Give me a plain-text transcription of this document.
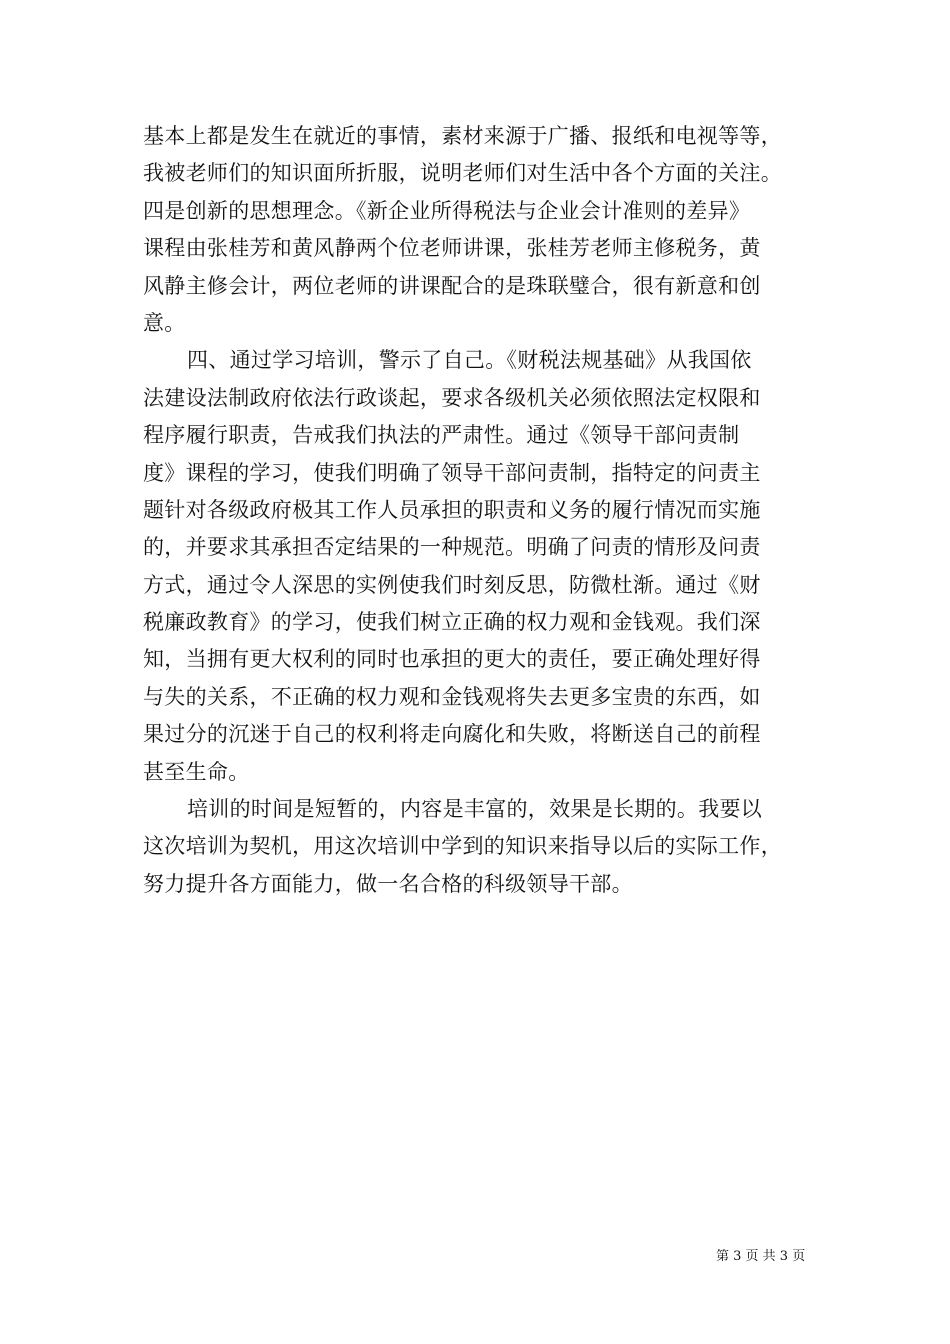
基本上都是发生在就近的事情，素材来源于广播、报纸和电视等等，
我被老师们的知识面所折服，说明老师们对生活中各个方面的关注。
四是创新的思想理念。《新企业所得税法与企业会计准则的差异》
课程由张桂芳和黄风静两个位老师讲课，张桂芳老师主修税务，黄
风静主修会计，两位老师的讲课配合的是珠联璧合，很有新意和创
意。
四、通过学习培训，警示了自己。《财税法规基础》从我国依
法建设法制政府依法行政谈起，要求各级机关必须依照法定权限和
程序履行职责，告戒我们执法的严肃性。通过《领导干部问责制
度》课程的学习，使我们明确了领导干部问责制，指特定的问责主
题针对各级政府极其工作人员承担的职责和义务的履行情况而实施
的，并要求其承担否定结果的一种规范。明确了问责的情形及问责
方式，通过令人深思的实例使我们时刻反思，防微杜渐。通过《财
税廉政教育》的学习，使我们树立正确的权力观和金钱观。我们深
知，当拥有更大权利的同时也承担的更大的责任，要正确处理好得
与失的关系，不正确的权力观和金钱观将失去更多宝贵的东西，如
果过分的沉迷于自己的权利将走向腐化和失败，将断送自己的前程
甚至生命。
培训的时间是短暂的，内容是丰富的，效果是长期的。我要以
这次培训为契机，用这次培训中学到的知识来指导以后的实际工作，
努力提升各方面能力，做一名合格的科级领导干部。
第 3 页 共 3 页
